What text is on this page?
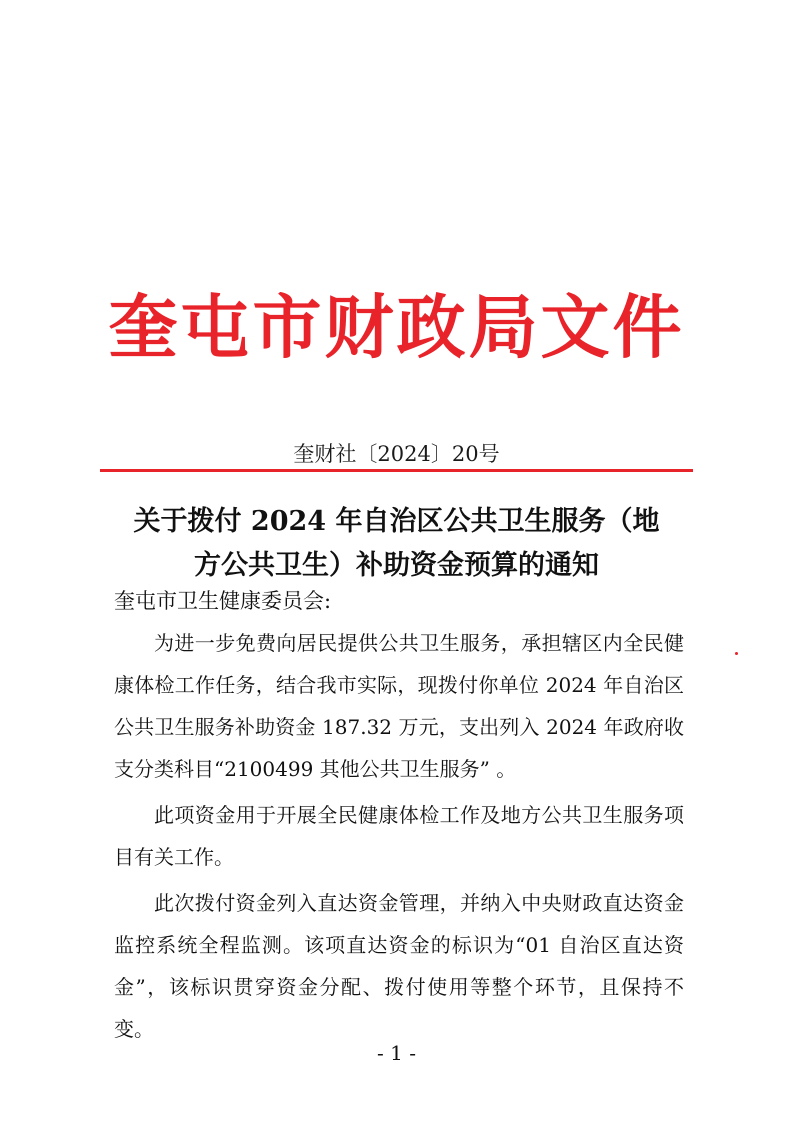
奎屯市财政局文件
奎财社〔2024〕20号
关于拨付 2024 年自治区公共卫生服务（地
方公共卫生）补助资金预算的通知
奎屯市卫生健康委员会:

为进一步免费向居民提供公共卫生服务，承担辖区内全民健康体检工作任务，结合我市实际，现拨付你单位 2024 年自治区公共卫生服务补助资金 187.32 万元，支出列入 2024 年政府收支分类科目“2100499 其他公共卫生服务” 。

此项资金用于开展全民健康体检工作及地方公共卫生服务项目有关工作。

此次拨付资金列入直达资金管理，并纳入中央财政直达资金监控系统全程监测。该项直达资金的标识为“01 自治区直达资金”，该标识贯穿资金分配、拨付使用等整个环节，且保持不变。

- 1 -
